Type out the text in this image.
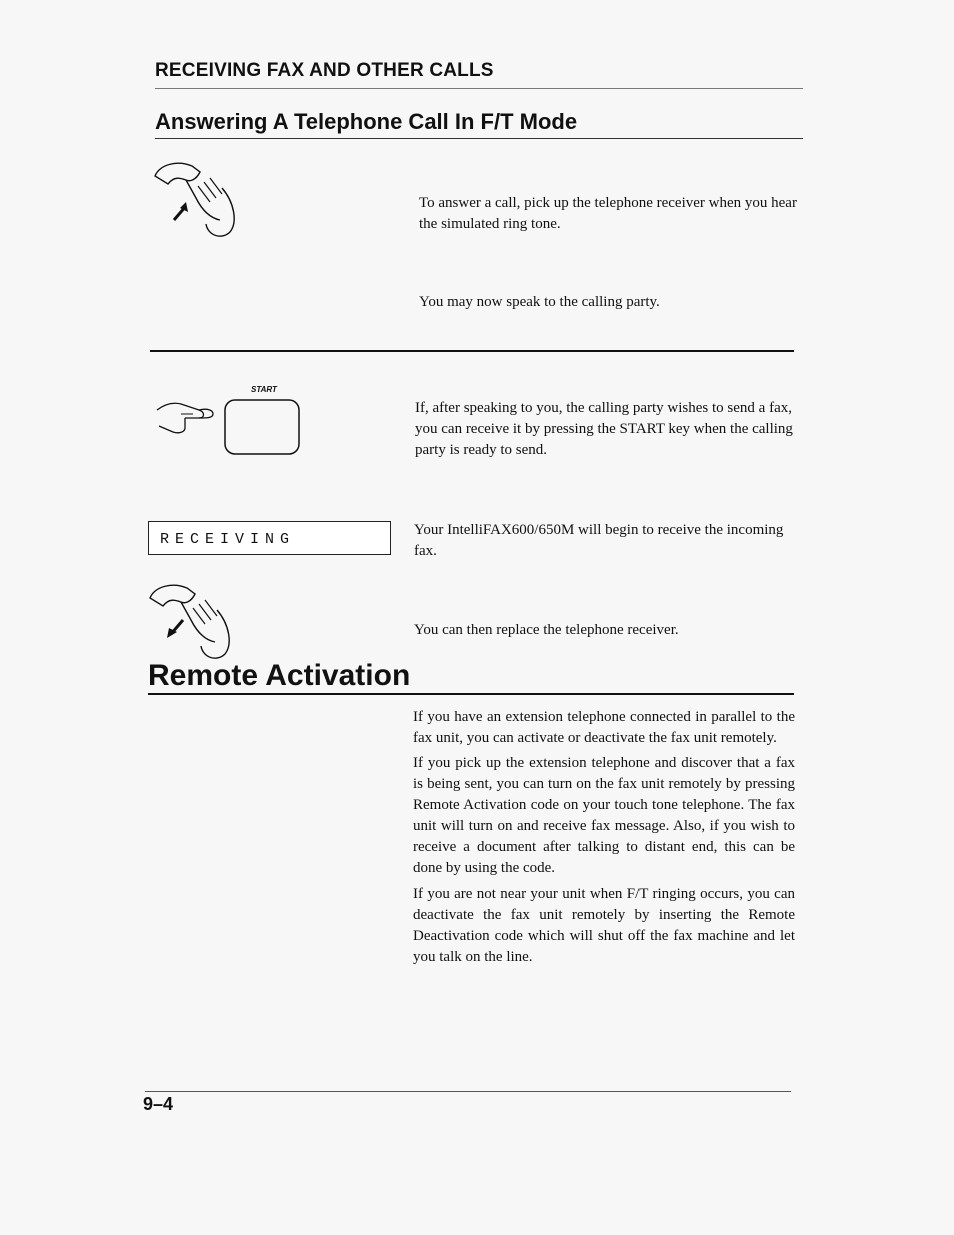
RECEIVING FAX AND OTHER CALLS
Answering A Telephone Call In F/T Mode
To answer a call, pick up the telephone receiver when you hear the simulated ring tone.
You may now speak to the calling party.
START
If, after speaking to you, the calling party wishes to send a fax, you can receive it by pressing the START key when the calling party is ready to send.
RECEIVING
Your IntelliFAX600/650M will begin to receive the incoming fax.
You can then replace the telephone receiver.
Remote Activation
If you have an extension telephone connected in parallel to the fax unit, you can activate or deactivate the fax unit remotely.
If you pick up the extension telephone and discover that a fax is being sent, you can turn on the fax unit remotely by pressing Remote Activation code on your touch tone telephone. The fax unit will turn on and receive fax message. Also, if you wish to receive a document after talking to distant end, this can be done by using the code.
If you are not near your unit when F/T ringing occurs, you can deactivate the fax unit remotely by inserting the Remote Deactivation code which will shut off the fax machine and let you talk on the line.
9–4
